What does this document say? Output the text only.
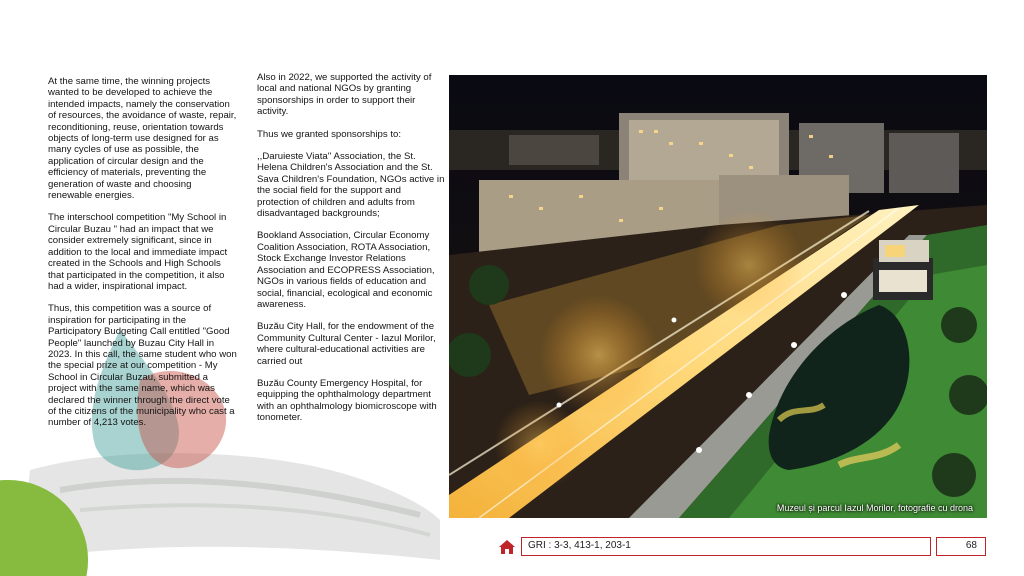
At the same time, the winning projects wanted to be developed to achieve the intended impacts, namely the conservation of resources, the avoidance of waste, repair, reconditioning, reuse, orientation towards objects of long-term use designed for as many cycles of use as possible, the application of circular design and the efficiency of materials, preventing the generation of waste and choosing renewable energies.

The interschool competition "My School in Circular Buzau " had an impact that we consider extremely significant, since in addition to the local and immediate impact created in the Schools and High Schools that participated in the competition, it also had a wider, inspirational impact.

Thus, this competition was a source of inspiration for participating in the Participatory Budgeting Call entitled "Good People" launched by Buzau City Hall in 2023. In this call, the same student who won the special prize at our competition - My School in Circular Buzau, submitted a project with the same name, which was declared the winner through the direct vote of the citizens of the municipality who cast a number of 4,213 votes.

Also in 2022, we supported the activity of local and national NGOs by granting sponsorships in order to support their activity.

Thus we granted sponsorships to:

,,Daruieste Viata'' Association, the St. Helena Children's Association and the St. Sava Children's Foundation, NGOs active in the social field for the support and protection of children and adults from disadvantaged backgrounds;

Bookland Association, Circular Economy Coalition Association, ROTA Association, Stock Exchange Investor Relations Association and ECOPRESS Association, NGOs in various fields of education and social, financial, ecological and economic awareness.

Buzău City Hall, for the endowment of the Community Cultural Center - Iazul Morilor, where cultural-educational activities are carried out

Buzău County Emergency Hospital, for equipping the ophthalmology department with an ophthalmology biomicroscope with tonometer.

Muzeul și parcul Iazul Morilor, fotografie cu drona
GRI : 3-3, 413-1, 203-1	68
